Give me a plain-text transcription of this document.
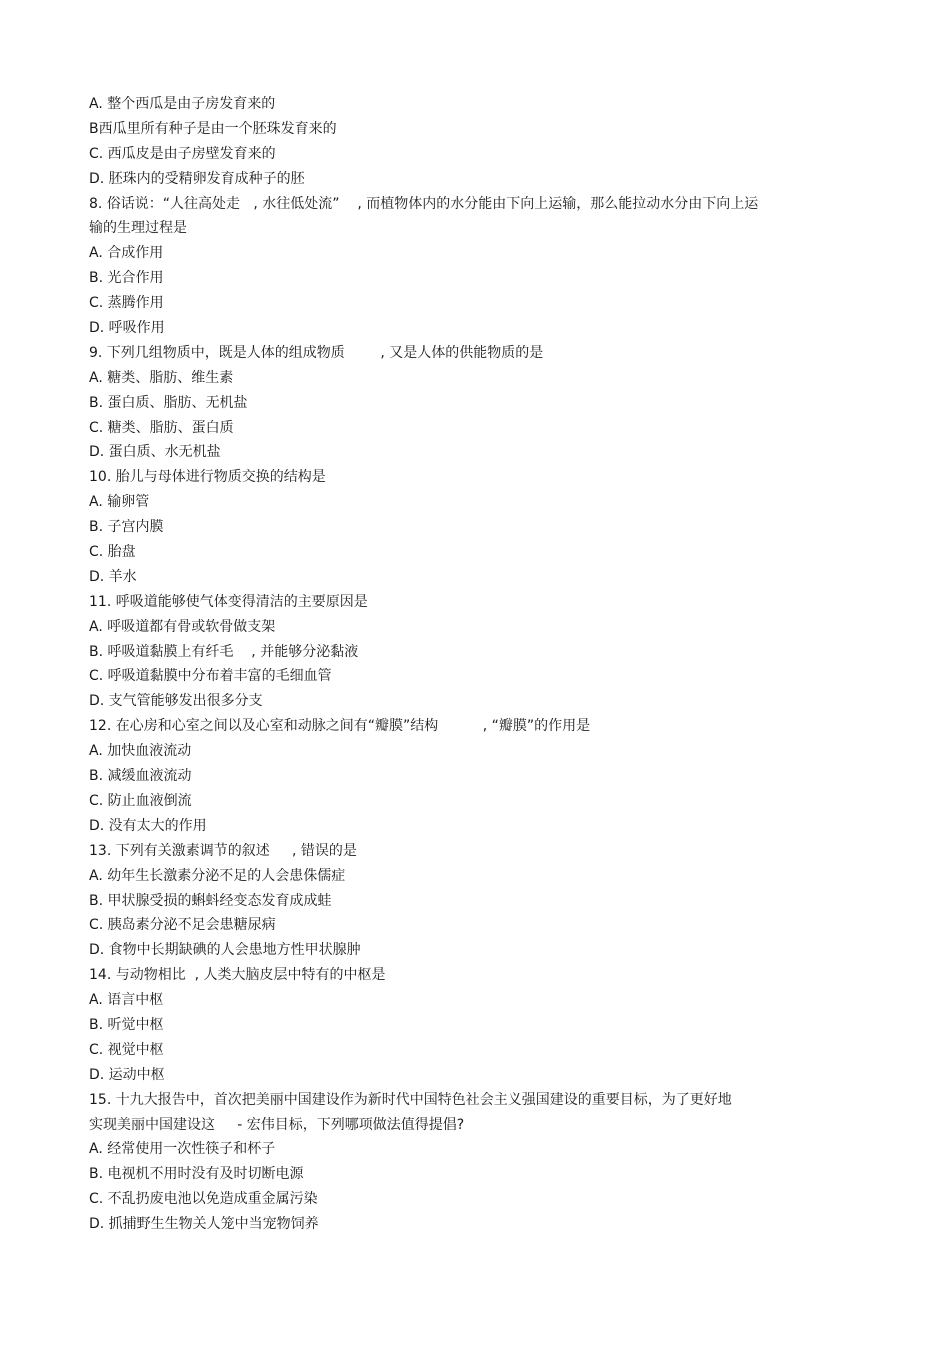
A. 整个西瓜是由子房发育来的
B西瓜里所有种子是由一个胚珠发育来的
C. 西瓜皮是由子房壁发育来的
D. 胚珠内的受精卵发育成种子的胚
8. 俗话说：“人往高处走   , 水往低处流”    , 而植物体内的水分能由下向上运输，那么能拉动水分由下向上运
输的生理过程是
A. 合成作用
B. 光合作用
C. 蒸腾作用
D. 呼吸作用
9. 下列几组物质中，既是人体的组成物质        , 又是人体的供能物质的是
A. 糖类、脂肪、维生素
B. 蛋白质、脂肪、无机盐
C. 糖类、脂肪、蛋白质
D. 蛋白质、水无机盐
10. 胎儿与母体进行物质交换的结构是
A. 输卵管
B. 子宫内膜
C. 胎盘
D. 羊水
11. 呼吸道能够使气体变得清洁的主要原因是
A. 呼吸道都有骨或软骨做支架
B. 呼吸道黏膜上有纤毛    , 并能够分泌黏液
C. 呼吸道黏膜中分布着丰富的毛细血管
D. 支气管能够发出很多分支
12. 在心房和心室之间以及心室和动脉之间有“瓣膜”结构          , “瓣膜”的作用是
A. 加快血液流动
B. 减缓血液流动
C. 防止血液倒流
D. 没有太大的作用
13. 下列有关激素调节的叙述     , 错误的是
A. 幼年生长激素分泌不足的人会患侏儒症
B. 甲状腺受损的蝌蚪经变态发育成成蛙
C. 胰岛素分泌不足会患糖尿病
D. 食物中长期缺碘的人会患地方性甲状腺肿
14. 与动物相比  , 人类大脑皮层中特有的中枢是
A. 语言中枢
B. 听觉中枢
C. 视觉中枢
D. 运动中枢
15. 十九大报告中，首次把美丽中国建设作为新时代中国特色社会主义强国建设的重要目标，为了更好地
实现美丽中国建设这     - 宏伟目标，下列哪项做法值得提倡?
A. 经常使用一次性筷子和杯子
B. 电视机不用时没有及时切断电源
C. 不乱扔废电池以免造成重金属污染
D. 抓捕野生生物关人笼中当宠物饲养
